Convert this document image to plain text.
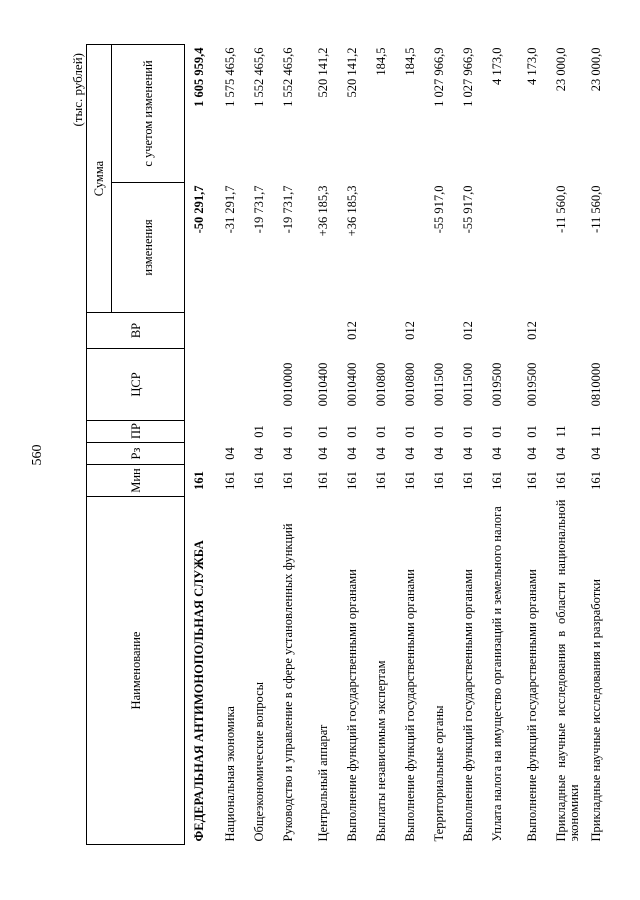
560
(тыс. рублей)
Наименование	Мин	Рз	ПР	ЦСР	ВР	Сумма	
						изменения	с учетом изменений
ФЕДЕРАЛЬНАЯ АНТИМОНОПОЛЬНАЯ СЛУЖБА	161					-50 291,7	1 605 959,4
Национальная экономика	161	04				-31 291,7	1 575 465,6
Общеэкономические вопросы	161	04	01			-19 731,7	1 552 465,6
Руководство и управление в сфере установленных функций	161	04	01	0010000		-19 731,7	1 552 465,6
Центральный аппарат	161	04	01	0010400		+36 185,3	520 141,2
Выполнение функций государственными органами	161	04	01	0010400	012	+36 185,3	520 141,2
Выплаты независимым экспертам	161	04	01	0010800			184,5
Выполнение функций государственными органами	161	04	01	0010800	012		184,5
Территориальные органы	161	04	01	0011500		-55 917,0	1 027 966,9
Выполнение функций государственными органами	161	04	01	0011500	012	-55 917,0	1 027 966,9
Уплата налога на имущество организаций и земельного налога	161	04	01	0019500			4 173,0
Выполнение функций государственными органами	161	04	01	0019500	012		4 173,0
Прикладные научные исследования в области национальной экономики	161	04	11			-11 560,0	23 000,0
Прикладные научные исследования и разработки	161	04	11	0810000		-11 560,0	23 000,0
